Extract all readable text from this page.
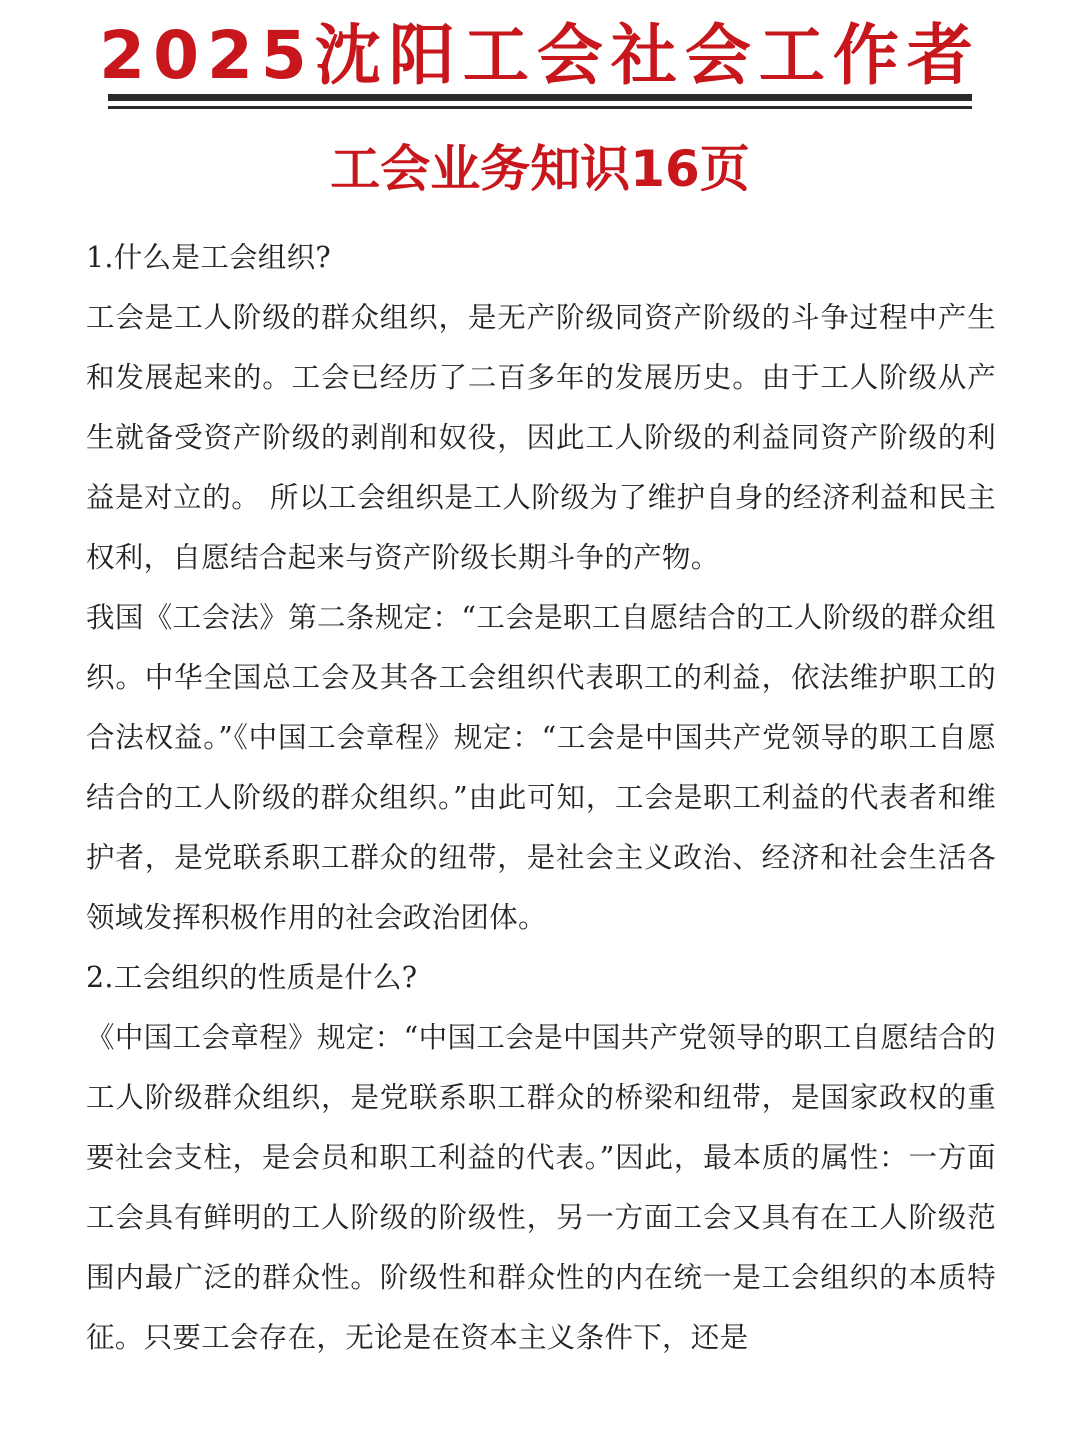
2025沈阳工会社会工作者
工会业务知识16页

1.什么是工会组织?

工会是工人阶级的群众组织，是无产阶级同资产阶级的斗争过程中产生和发展起来的。工会已经历了二百多年的发展历史。由于工人阶级从产生就备受资产阶级的剥削和奴役，因此工人阶级的利益同资产阶级的利益是对立的。 所以工会组织是工人阶级为了维护自身的经济利益和民主权利，自愿结合起来与资产阶级长期斗争的产物。

我国《工会法》第二条规定：“工会是职工自愿结合的工人阶级的群众组织。中华全国总工会及其各工会组织代表职工的利益，依法维护职工的合法权益。”《中国工会章程》规定：“工会是中国共产党领导的职工自愿结合的工人阶级的群众组织。”由此可知，工会是职工利益的代表者和维护者，是党联系职工群众的纽带，是社会主义政治、经济和社会生活各领域发挥积极作用的社会政治团体。

2.工会组织的性质是什么?

《中国工会章程》规定：“中国工会是中国共产党领导的职工自愿结合的工人阶级群众组织，是党联系职工群众的桥梁和纽带，是国家政权的重要社会支柱，是会员和职工利益的代表。”因此，最本质的属性：一方面工会具有鲜明的工人阶级的阶级性，另一方面工会又具有在工人阶级范围内最广泛的群众性。阶级性和群众性的内在统一是工会组织的本质特征。只要工会存在，无论是在资本主义条件下，还是
